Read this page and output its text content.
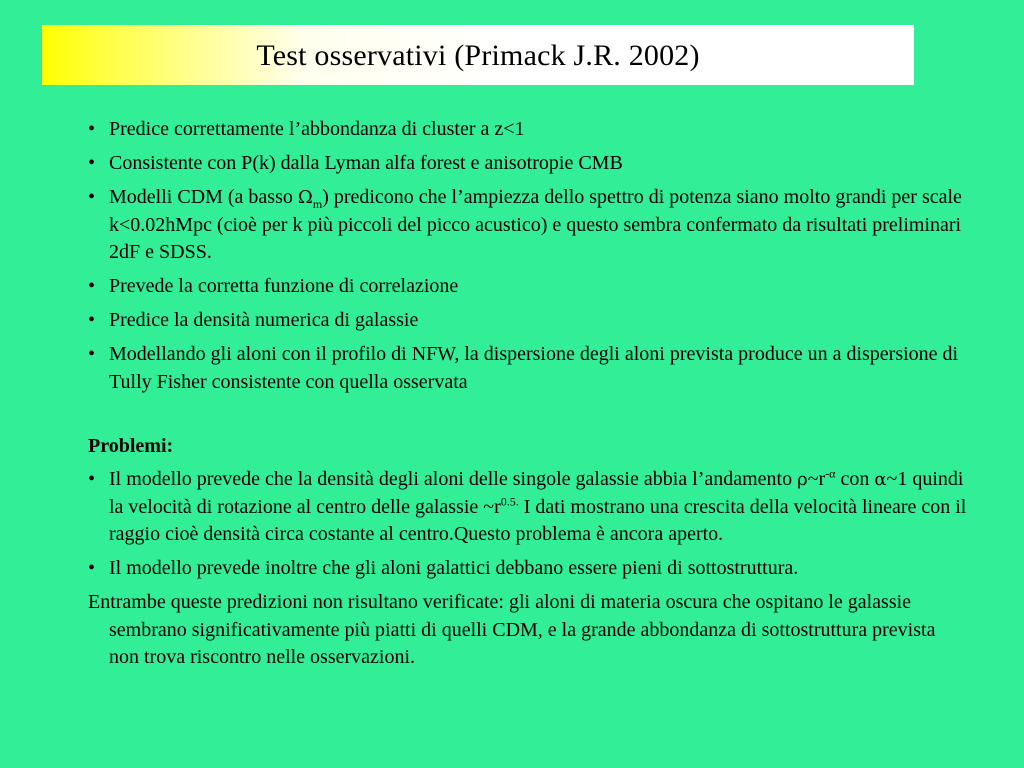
Test osservativi (Primack J.R. 2002)
• Predice correttamente l’abbondanza di cluster a z<1
• Consistente con P(k) dalla Lyman alfa forest e anisotropie CMB
• Modelli CDM (a basso $\Omega_m$) predicono che l’ampiezza dello spettro di potenza siano molto grandi per scale k<0.02hMpc (cioè per k più piccoli del picco acustico) e questo sembra confermato da risultati preliminari 2dF e SDSS.
• Prevede la corretta funzione di correlazione
• Predice la densità numerica di galassie
• Modellando gli aloni con il profilo di NFW, la dispersione degli aloni prevista produce un a dispersione di Tully Fisher consistente con quella osservata
Problemi:
• Il modello prevede che la densità degli aloni delle singole galassie abbia l’andamento $\rho\sim r^{-\alpha}$ con α~1 quindi la velocità di rotazione al centro delle galassie $\sim r^{0.5.}$ I dati mostrano una crescita della velocità lineare con il raggio cioè densità circa costante al centro.Questo problema è ancora aperto.
• Il modello prevede inoltre che gli aloni galattici debbano essere pieni di sottostruttura.
Entrambe queste predizioni non risultano verificate: gli aloni di materia oscura che ospitano le galassie sembrano significativamente più piatti di quelli CDM, e la grande abbondanza di sottostruttura prevista non trova riscontro nelle osservazioni.
